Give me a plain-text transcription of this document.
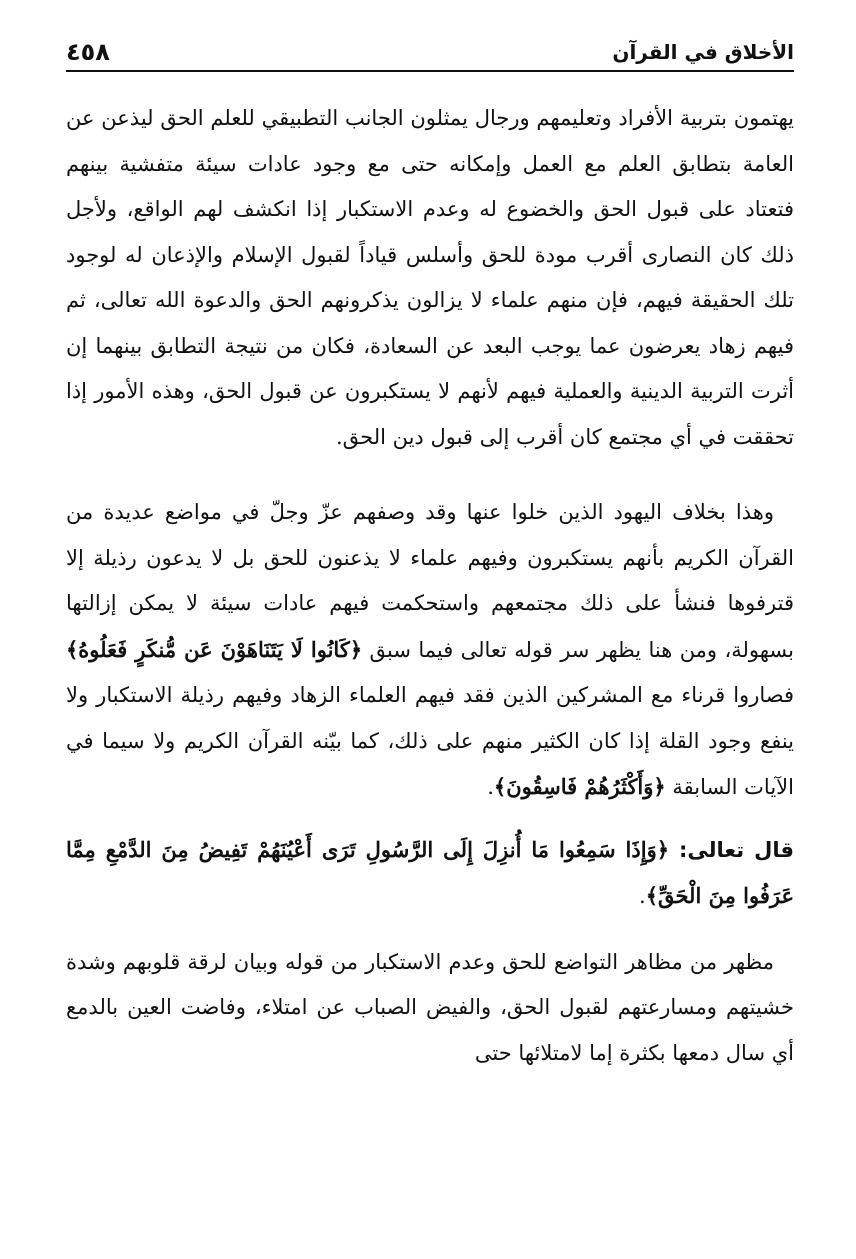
الأخلاق في القرآن
٤٥٨

يهتمون بتربية الأفراد وتعليمهم ورجال يمثلون الجانب التطبيقي للعلم الحق ليذعن عن العامة بتطابق العلم مع العمل وإمكانه حتى مع وجود عادات سيئة متفشية بينهم فتعتاد على قبول الحق والخضوع له وعدم الاستكبار إذا انكشف لهم الواقع، ولأجل ذلك كان النصارى أقرب مودة للحق وأسلس قياداً لقبول الإسلام والإذعان له لوجود تلك الحقيقة فيهم، فإن منهم علماء لا يزالون يذكرونهم الحق والدعوة الله تعالى، ثم فيهم زهاد يعرضون عما يوجب البعد عن السعادة، فكان من نتيجة التطابق بينهما إن أثرت التربية الدينية والعملية فيهم لأنهم لا يستكبرون عن قبول الحق، وهذه الأمور إذا تحققت في أي مجتمع كان أقرب إلى قبول دين الحق.

وهذا بخلاف اليهود الذين خلوا عنها وقد وصفهم عزّ وجلّ في مواضع عديدة من القرآن الكريم بأنهم يستكبرون وفيهم علماء لا يذعنون للحق بل لا يدعون رذيلة إلا قترفوها فنشأ على ذلك مجتمعهم واستحكمت فيهم عادات سيئة لا يمكن إزالتها بسهولة، ومن هنا يظهر سر قوله تعالى فيما سبق ﴿كَانُوا لَا يَتَنَاهَوْنَ عَن مُّنكَرٍ فَعَلُوهُ﴾ فصاروا قرناء مع المشركين الذين فقد فيهم العلماء الزهاد وفيهم رذيلة الاستكبار ولا ينفع وجود القلة إذا كان الكثير منهم على ذلك، كما بيّنه القرآن الكريم ولا سيما في الآيات السابقة ﴿وَأَكْثَرُهُمْ فَاسِقُونَ﴾.

قال تعالى: ﴿وَإِذَا سَمِعُوا مَا أُنزِلَ إِلَى الرَّسُولِ تَرَى أَعْيُنَهُمْ تَفِيضُ مِنَ الدَّمْعِ مِمَّا عَرَفُوا مِنَ الْحَقِّ﴾.

مظهر من مظاهر التواضع للحق وعدم الاستكبار من قوله وبيان لرقة قلوبهم وشدة خشيتهم ومسارعتهم لقبول الحق، والفيض الصباب عن امتلاء، وفاضت العين بالدمع أي سال دمعها بكثرة إما لامتلائها حتى
